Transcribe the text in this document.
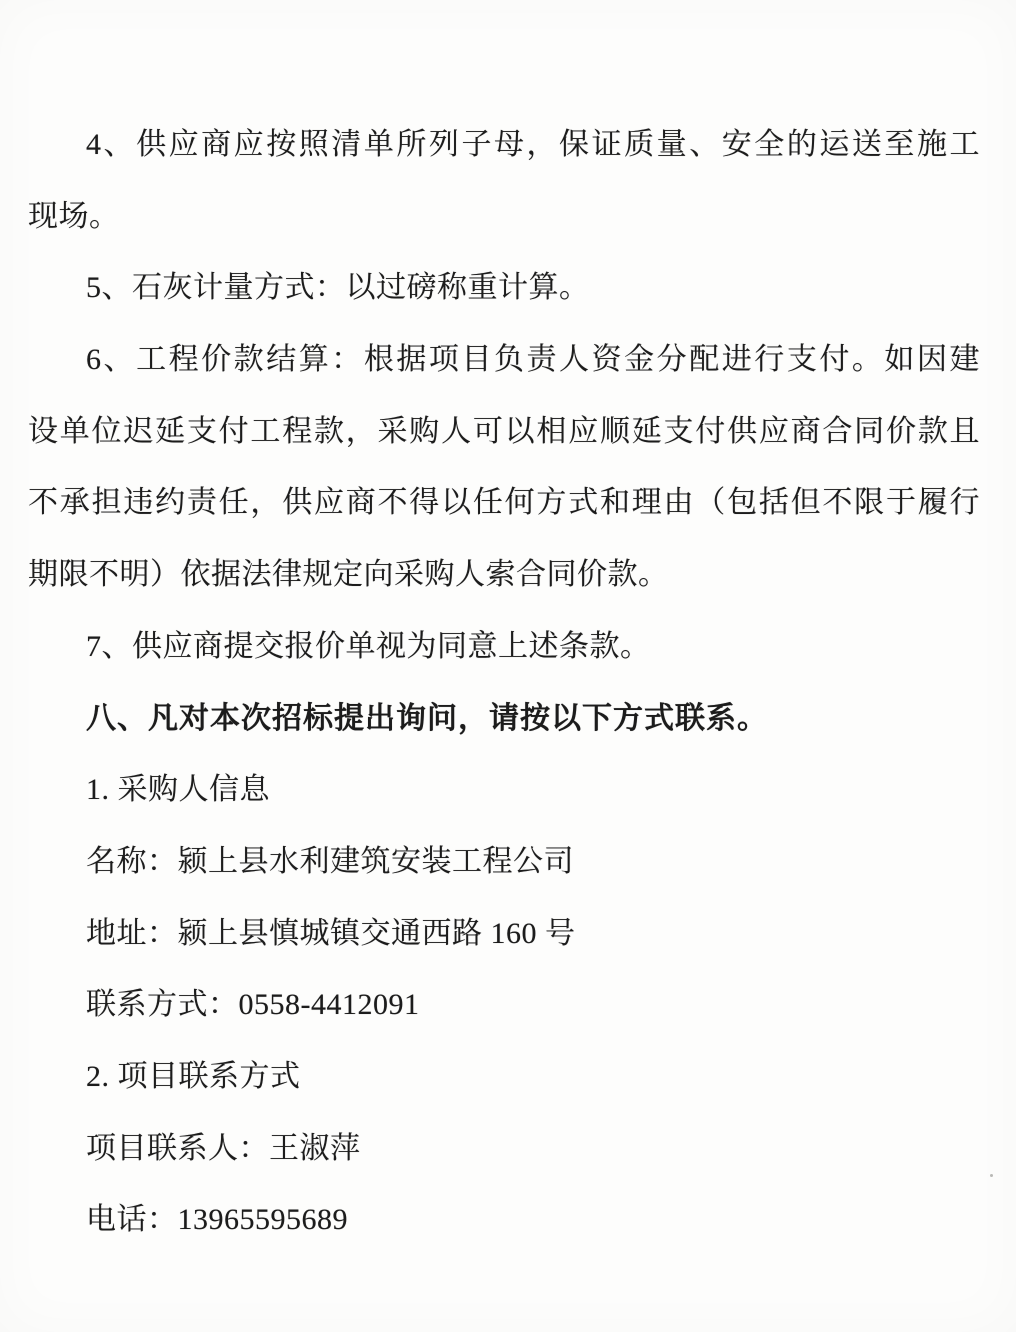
4、供应商应按照清单所列子母，保证质量、安全的运送至施工
现场。
5、石灰计量方式：以过磅称重计算。
6、工程价款结算：根据项目负责人资金分配进行支付。如因建
设单位迟延支付工程款，采购人可以相应顺延支付供应商合同价款且
不承担违约责任，供应商不得以任何方式和理由（包括但不限于履行
期限不明）依据法律规定向采购人索合同价款。
7、供应商提交报价单视为同意上述条款。
八、凡对本次招标提出询问，请按以下方式联系。
1. 采购人信息
名称：颍上县水利建筑安装工程公司
地址：颍上县慎城镇交通西路 160 号
联系方式：0558-4412091
2. 项目联系方式
项目联系人：王淑萍
电话：13965595689
